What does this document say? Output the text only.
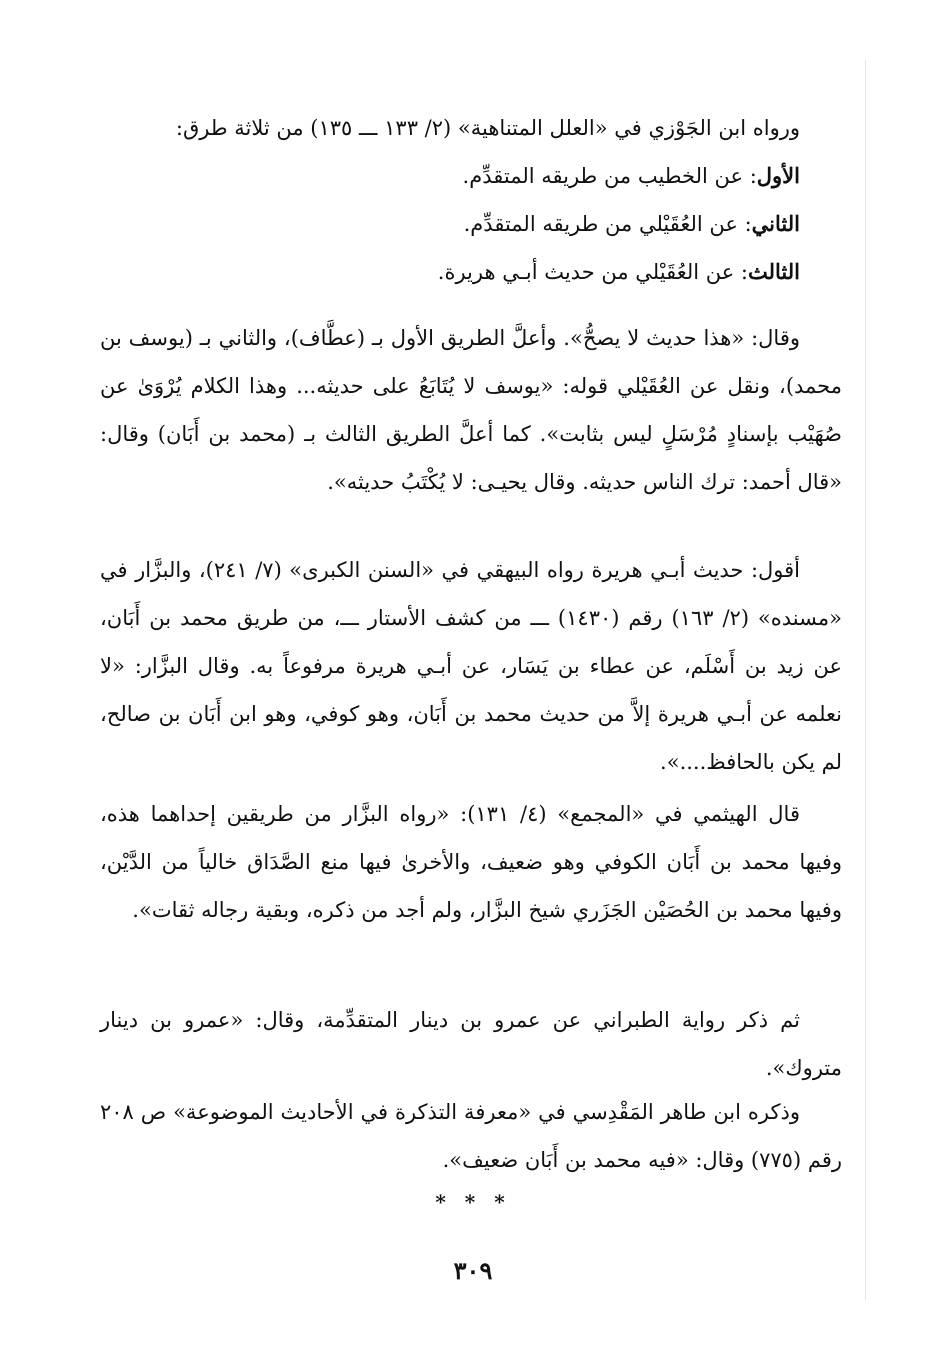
ورواه ابن الجَوْزي في «العلل المتناهية» (٢/ ١٣٣ ـــ ١٣٥) من ثلاثة طرق:

الأول: عن الخطيب من طريقه المتقدِّم.

الثاني: عن العُقَيْلي من طريقه المتقدِّم.

الثالث: عن العُقَيْلي من حديث أبـي هريرة.

وقال: «هذا حديث لا يصحُّ». وأعلَّ الطريق الأول بـ (عطَّاف)، والثاني بـ (يوسف بن محمد)، ونقل عن العُقَيْلي قوله: «يوسف لا يُتَابَعُ على حديثه... وهذا الكلام يُرْوَىٰ عن صُهَيْب بإسنادٍ مُرْسَلٍ ليس بثابت». كما أعلَّ الطريق الثالث بـ (محمد بن أَبَان) وقال: «قال أحمد: ترك الناس حديثه. وقال يحيـى: لا يُكْتَبُ حديثه».

أقول: حديث أبـي هريرة رواه البيهقي في «السنن الكبرى» (٧/ ٢٤١)، والبزَّار في «مسنده» (٢/ ١٦٣) رقم (١٤٣٠) ـــ من كشف الأستار ـــ، من طريق محمد بن أَبَان، عن زيد بن أَسْلَم، عن عطاء بن يَسَار، عن أبـي هريرة مرفوعاً به. وقال البزَّار: «لا نعلمه عن أبـي هريرة إلاَّ من حديث محمد بن أَبَان، وهو كوفي، وهو ابن أَبَان بن صالح، لم يكن بالحافظ....».

قال الهيثمي في «المجمع» (٤/ ١٣١): «رواه البزَّار من طريقين إحداهما هذه، وفيها محمد بن أَبَان الكوفي وهو ضعيف، والأخرىٰ فيها منع الصَّدَاق خالياً من الدَّيْن، وفيها محمد بن الحُصَيْن الجَزَري شيخ البزَّار، ولم أجد من ذكره، وبقية رجاله ثقات».

ثم ذكر رواية الطبراني عن عمرو بن دينار المتقدِّمة، وقال: «عمرو بن دينار متروك».

وذكره ابن طاهر المَقْدِسي في «معرفة التذكرة في الأحاديث الموضوعة» ص ٢٠٨ رقم (٧٧٥) وقال: «فيه محمد بن أَبَان ضعيف».

* * *
٣٠٩
